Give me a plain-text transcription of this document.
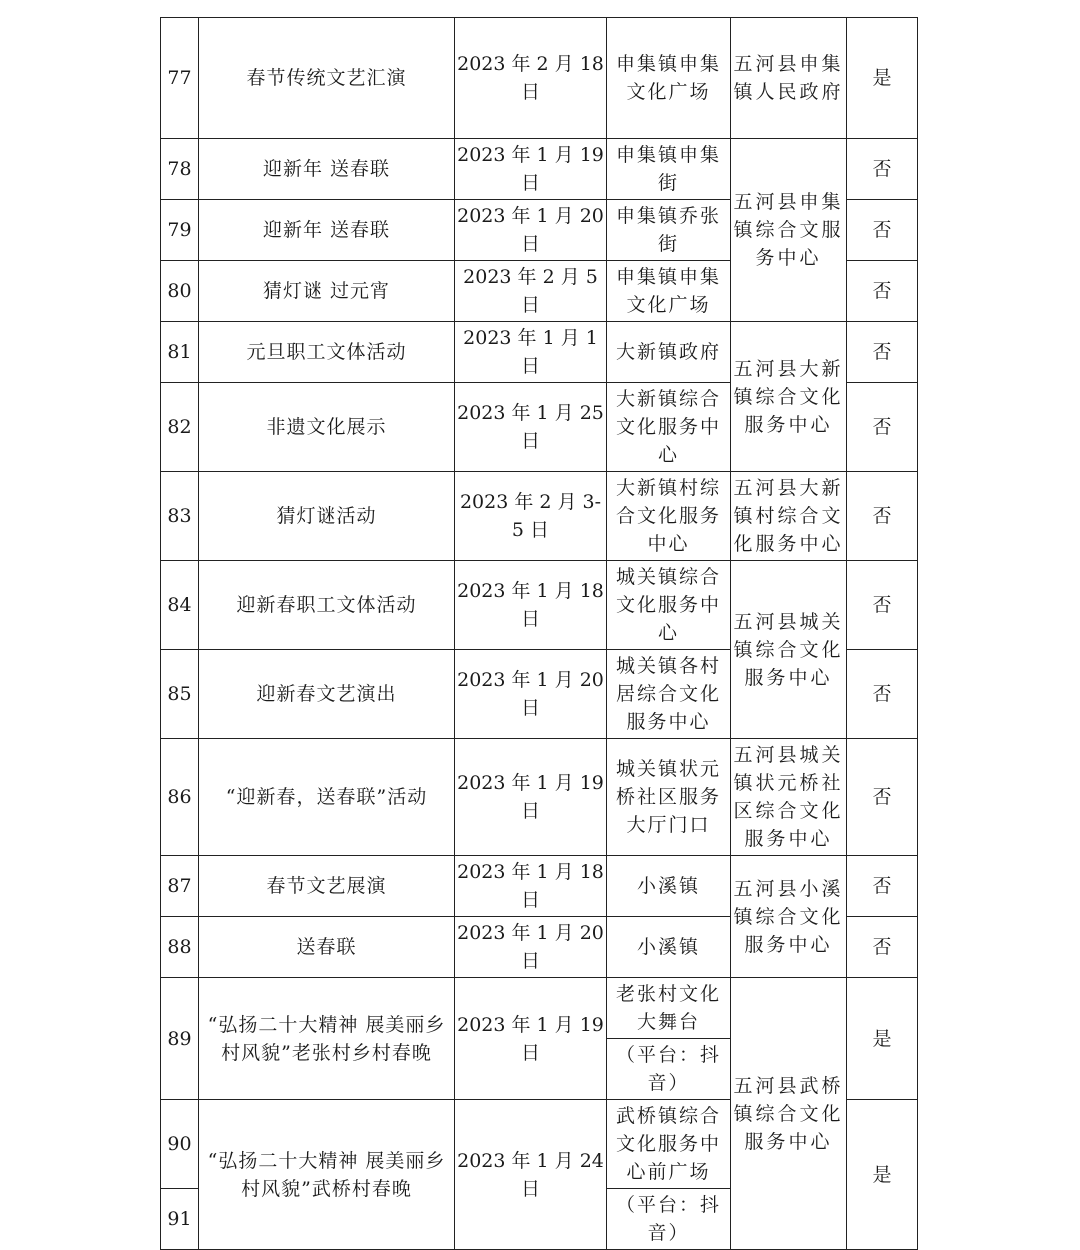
77	春节传统文艺汇演	2023 年 2 月 18 日	申集镇申集文化广场	五河县申集镇人民政府	是
78	迎新年 送春联	2023 年 1 月 19 日	申集镇申集街	五河县申集镇综合文服务中心	否
79	迎新年 送春联	2023 年 1 月 20 日	申集镇乔张街		否
80	猜灯谜 过元宵	2023 年 2 月 5 日	申集镇申集文化广场		否
81	元旦职工文体活动	2023 年 1 月 1 日	大新镇政府	五河县大新镇综合文化服务中心	否
82	非遗文化展示	2023 年 1 月 25 日	大新镇综合文化服务中心		否
83	猜灯谜活动	2023 年 2 月 3-5 日	大新镇村综合文化服务中心	五河县大新镇村综合文化服务中心	否
84	迎新春职工文体活动	2023 年 1 月 18 日	城关镇综合文化服务中心	五河县城关镇综合文化服务中心	否
85	迎新春文艺演出	2023 年 1 月 20 日	城关镇各村居综合文化服务中心		否
86	“迎新春，送春联”活动	2023 年 1 月 19 日	城关镇状元桥社区服务大厅门口	五河县城关镇状元桥社区综合文化服务中心	否
87	春节文艺展演	2023 年 1 月 18 日	小溪镇	五河县小溪镇综合文化服务中心	否
88	送春联	2023 年 1 月 20 日	小溪镇		否
89	“弘扬二十大精神 展美丽乡村风貌”老张村乡村春晚	2023 年 1 月 19 日	老张村文化大舞台	五河县武桥镇综合文化服务中心	是
			（平台：抖音）		
90	“弘扬二十大精神 展美丽乡村风貌”武桥村春晚	2023 年 1 月 24 日	武桥镇综合文化服务中心前广场		是
91			（平台：抖音）		
